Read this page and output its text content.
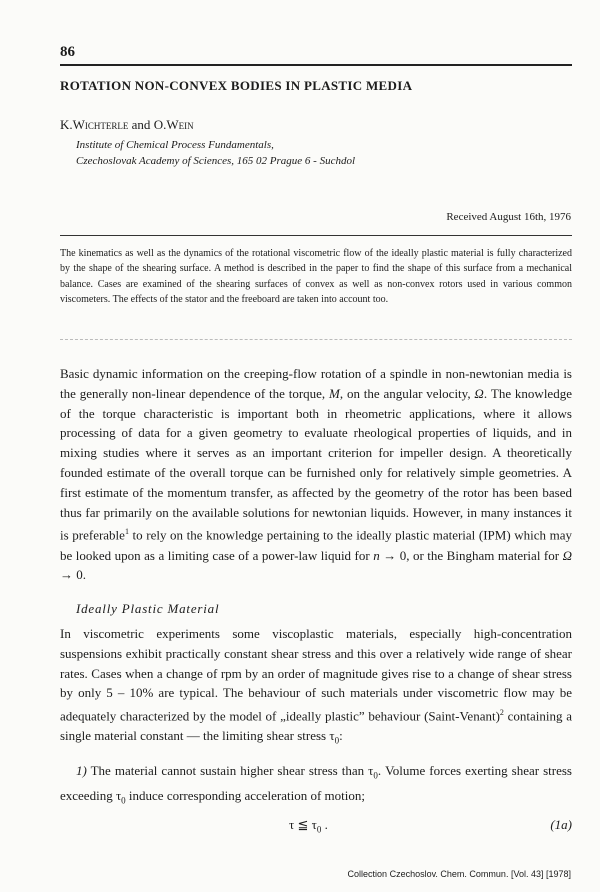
86
ROTATION NON-CONVEX BODIES IN PLASTIC MEDIA
K.Wichterle and O.Wein
Institute of Chemical Process Fundamentals,
Czechoslovak Academy of Sciences, 165 02 Prague 6 - Suchdol
Received August 16th, 1976
The kinematics as well as the dynamics of the rotational viscometric flow of the ideally plastic material is fully characterized by the shape of the shearing surface. A method is described in the paper to find the shape of this surface from a mechanical balance. Cases are examined of the shearing surfaces of convex as well as non-convex rotors used in various common viscometers. The effects of the stator and the freeboard are taken into account too.

Basic dynamic information on the creeping-flow rotation of a spindle in non-newtonian media is the generally non-linear dependence of the torque, M, on the angular velocity, Ω. The knowledge of the torque characteristic is important both in rheometric applications, where it allows processing of data for a given geometry to evaluate rheological properties of liquids, and in mixing studies where it serves as an important criterion for impeller design. A theoretically founded estimate of the overall torque can be furnished only for relatively simple geometries. A first estimate of the momentum transfer, as affected by the geometry of the rotor has been based thus far primarily on the available solutions for newtonian liquids. However, in many instances it is preferable$^1$ to rely on the knowledge pertaining to the ideally plastic material (IPM) which may be looked upon as a limiting case of a power-law liquid for n → 0, or the Bingham material for Ω → 0.

Ideally Plastic Material

In viscometric experiments some viscoplastic materials, especially high-concentration suspensions exhibit practically constant shear stress and this over a relatively wide range of shear rates. Cases when a change of rpm by an order of magnitude gives rise to a change of shear stress by only 5 – 10% are typical. The behaviour of such materials under viscometric flow may be adequately characterized by the model of „ideally plastic” behaviour (Saint-Venant)$^2$ containing a single material constant — the limiting shear stress $\tau_0$:

1) The material cannot sustain higher shear stress than $\tau_0$. Volume forces exerting shear stress exceeding $\tau_0$ induce corresponding acceleration of motion;

τ ≦ $\tau_0$ .	(1a)
Collection Czechoslov. Chem. Commun. [Vol. 43] [1978]
